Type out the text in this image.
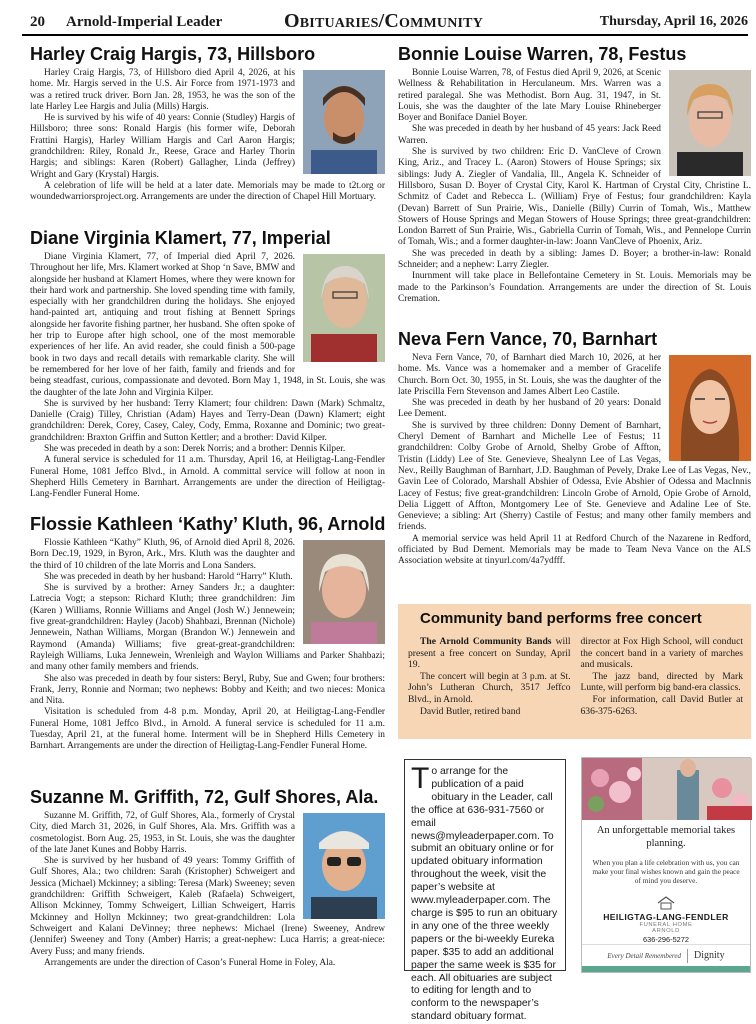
20 Arnold-Imperial Leader	Obituaries/Community	Thursday, April 16, 2026
Harley Craig Hargis, 73, Hillsboro

Harley Craig Hargis, 73, of Hillsboro died April 4, 2026, at his home. Mr. Hargis served in the U.S. Air Force from 1971-1973 and was a retired truck driver. Born Jan. 28, 1953, he was the son of the late Harley Lee Hargis and Julia (Mills) Hargis.

He is survived by his wife of 40 years: Connie (Studley) Hargis of Hillsboro; three sons: Ronald Hargis (his former wife, Deborah Frattini Hargis), Harley William Hargis and Carl Aaron Hargis; grandchildren: Riley, Ronald Jr., Reese, Grace and Harley Thorin Hargis; and siblings: Karen (Robert) Gallagher, Linda (Jeffrey) Wright and Gary (Krystal) Hargis.

A celebration of life will be held at a later date. Memorials may be made to t2t.org or woundedwarriorsproject.org. Arrangements are under the direction of Chapel Hill Mortuary.

Diane Virginia Klamert, 77, Imperial

Diane Virginia Klamert, 77, of Imperial died April 7, 2026. Throughout her life, Mrs. Klamert worked at Shop ‘n Save, BMW and alongside her husband at Klamert Homes, where they were known for their hard work and partnership. She loved spending time with family, especially with her grandchildren during the holidays. She enjoyed hand-painted art, antiquing and trout fishing at Bennett Springs alongside her favorite fishing partner, her husband. She often spoke of her trip to Europe after high school, one of the most memorable experiences of her life. An avid reader, she could finish a 500-page book in two days and recall details with remarkable clarity. She will be remembered for her love of her faith, family and friends and for being steadfast, curious, compassionate and devoted. Born May 1, 1948, in St. Louis, she was the daughter of the late John and Virginia Kilper.

She is survived by her husband: Terry Klamert; four children: Dawn (Mark) Schmaltz, Danielle (Craig) Tilley, Christian (Adam) Hayes and Terry-Dean (Dawn) Klamert; eight grandchildren: Derek, Corey, Casey, Caley, Cody, Emma, Roxanne and Dominic; two great-grandchildren: Braxton Griffin and Sutton Kettler; and a brother: David Kilper.

She was preceded in death by a son: Derek Norris; and a brother: Dennis Kilper.

A funeral service is scheduled for 11 a.m. Thursday, April 16, at Heiligtag-Lang-Fendler Funeral Home, 1081 Jeffco Blvd., in Arnold. A committal service will follow at noon in Shepherd Hills Cemetery in Barnhart. Arrangements are under the direction of Heiligtag-Lang-Fendler Funeral Home.

Flossie Kathleen ‘Kathy’ Kluth, 96, Arnold

Flossie Kathleen “Kathy” Kluth, 96, of Arnold died April 8, 2026. Born Dec.19, 1929, in Byron, Ark., Mrs. Kluth was the daughter and the third of 10 children of the late Morris and Lona Sanders.

She was preceded in death by her husband: Harold “Harry” Kluth.

She is survived by a brother: Arney Sanders Jr.; a daughter: Latrecia Vogt; a stepson: Richard Kluth; three grandchildren: Jim (Karen ) Williams, Ronnie Williams and Angel (Josh W.) Jennewein; five great-grandchildren: Hayley (Jacob) Shahbazi, Brennan (Nichole) Jennewein, Nathan Williams, Morgan (Brandon W.) Jennewein and Raymond (Amanda) Williams; five great-great-grandchildren: Rayleigh Williams, Luka Jennewein, Wrenleigh and Waylon Williams and Parker Shahbazi; and many other family members and friends.

She also was preceded in death by four sisters: Beryl, Ruby, Sue and Gwen; four brothers: Frank, Jerry, Ronnie and Norman; two nephews: Bobby and Keith; and two nieces: Monica and Nita.

Visitation is scheduled from 4-8 p.m. Monday, April 20, at Heiligtag-Lang-Fendler Funeral Home, 1081 Jeffco Blvd., in Arnold. A funeral service is scheduled for 11 a.m. Tuesday, April 21, at the funeral home. Interment will be in Shepherd Hills Cemetery in Barnhart. Arrangements are under the direction of Heiligtag-Lang-Fendler Funeral Home.

Suzanne M. Griffith, 72, Gulf Shores, Ala.

Suzanne M. Griffith, 72, of Gulf Shores, Ala., formerly of Crystal City, died March 31, 2026, in Gulf Shores, Ala. Mrs. Griffith was a cosmetologist. Born Aug. 25, 1953, in St. Louis, she was the daughter of the late Janet Kunes and Bobby Harris.

She is survived by her husband of 49 years: Tommy Griffith of Gulf Shores, Ala.; two children: Sarah (Kristopher) Schweigert and Jessica (Michael) Mckinney; a sibling: Teresa (Mark) Sweeney; seven grandchildren: Griffith Schweigert, Kaleb (Rafaela) Schweigert, Allison Mckinney, Tommy Schweigert, Lillian Schweigert, Harris Mckinney and Hollyn Mckinney; two great-grandchildren: Lola Schweigert and Kalani DeVinney; three nephews: Michael (Irene) Sweeney, Andrew (Jennifer) Sweeney and Tony (Amber) Harris; a great-nephew: Luca Harris; a great-niece: Avery Fuss; and many friends.

Arrangements are under the direction of Cason’s Funeral Home in Foley, Ala.

Bonnie Louise Warren, 78, Festus

Bonnie Louise Warren, 78, of Festus died April 9, 2026, at Scenic Wellness & Rehabilitation in Herculaneum. Mrs. Warren was a retired paralegal. She was Methodist. Born Aug. 31, 1947, in St. Louis, she was the daughter of the late Mary Louise Rhineberger Boyer and Boniface Daniel Boyer.

She was preceded in death by her husband of 45 years: Jack Reed Warren.

She is survived by two children: Eric D. VanCleve of Crown King, Ariz., and Tracey L. (Aaron) Stowers of House Springs; six siblings: Judy A. Ziegler of Vandalia, Ill., Angela K. Schneider of Hillsboro, Susan D. Boyer of Crystal City, Karol K. Hartman of Crystal City, Christine L. Schmitz of Cadet and Rebecca L. (William) Frye of Festus; four grandchildren: Kayla (Devan) Barrett of Sun Prairie, Wis., Danielle (Billy) Currin of Tomah, Wis., Matthew Stowers of House Springs and Megan Stowers of House Springs; three great-grandchildren: London Barrett of Sun Prairie, Wis., Gabriella Currin of Tomah, Wis., and Pennelope Currin of Tomah, Wis.; and a former daughter-in-law: Joann VanCleve of Phoenix, Ariz.

She was preceded in death by a sibling: James D. Boyer; a brother-in-law: Ronald Schneider; and a nephew: Larry Ziegler.

Inurnment will take place in Bellefontaine Cemetery in St. Louis. Memorials may be made to the Parkinson’s Foundation. Arrangements are under the direction of St. Louis Cremation.

Neva Fern Vance, 70, Barnhart

Neva Fern Vance, 70, of Barnhart died March 10, 2026, at her home. Ms. Vance was a homemaker and a member of Gracelife Church. Born Oct. 30, 1955, in St. Louis, she was the daughter of the late Priscilla Fern Stevenson and James Albert Leo Castile.

She was preceded in death by her husband of 20 years: Donald Lee Dement.

She is survived by three children: Donny Dement of Barnhart, Cheryl Dement of Barnhart and Michelle Lee of Festus; 11 grandchildren: Colby Grobe of Arnold, Shelby Grobe of Affton, Tristin (Liddy) Lee of Ste. Genevieve, Shealynn Lee of Las Vegas, Nev., Reilly Baughman of Barnhart, J.D. Baughman of Pevely, Drake Lee of Las Vegas, Nev., Gavin Lee of Colorado, Marshall Abshier of Odessa, Evie Abshier of Odessa and MacInnis Lacey of Festus; five great-grandchildren: Lincoln Grobe of Arnold, Opie Grobe of Arnold, Delia Liggett of Affton, Montgomery Lee of Ste. Genevieve and Adaline Lee of Ste. Genevieve; a sibling: Art (Sherry) Castile of Festus; and many other family members and friends.

A memorial service was held April 11 at Redford Church of the Nazarene in Redford, officiated by Bud Dement. Memorials may be made to Team Neva Vance on the ALS Association website at tinyurl.com/4a7ydfff.

Community band performs free concert

The Arnold Community Bands will present a free concert on Sunday, April 19.

The concert will begin at 3 p.m. at St. John’s Lutheran Church, 3517 Jeffco Blvd., in Arnold.

David Butler, retired band

director at Fox High School, will conduct the concert band in a variety of marches and musicals.

The jazz band, directed by Mark Lunte, will perform big band-era classics.

For information, call David Butler at 636-375-6263.

To arrange for the publication of a paid obituary in the Leader, call the office at 636-931-7560 or email news@myleaderpaper.com. To submit an obituary online or for updated obituary information throughout the week, visit the paper’s website at www.myleaderpaper.com. The charge is $95 to run an obituary in any one of the three weekly papers or the bi-weekly Eureka paper. $35 to add an additional paper the same week is $35 for each. All obituaries are subject to editing for length and to conform to the newspaper’s standard obituary format.
An unforgettable memorial takes planning.
When you plan a life celebration with us, you can make your final wishes known and gain the peace of mind you deserve.
HEILIGTAG-LANG-FENDLER
FUNERAL HOME
ARNOLD
636-296-5272
Every Detail Remembered Dignity
